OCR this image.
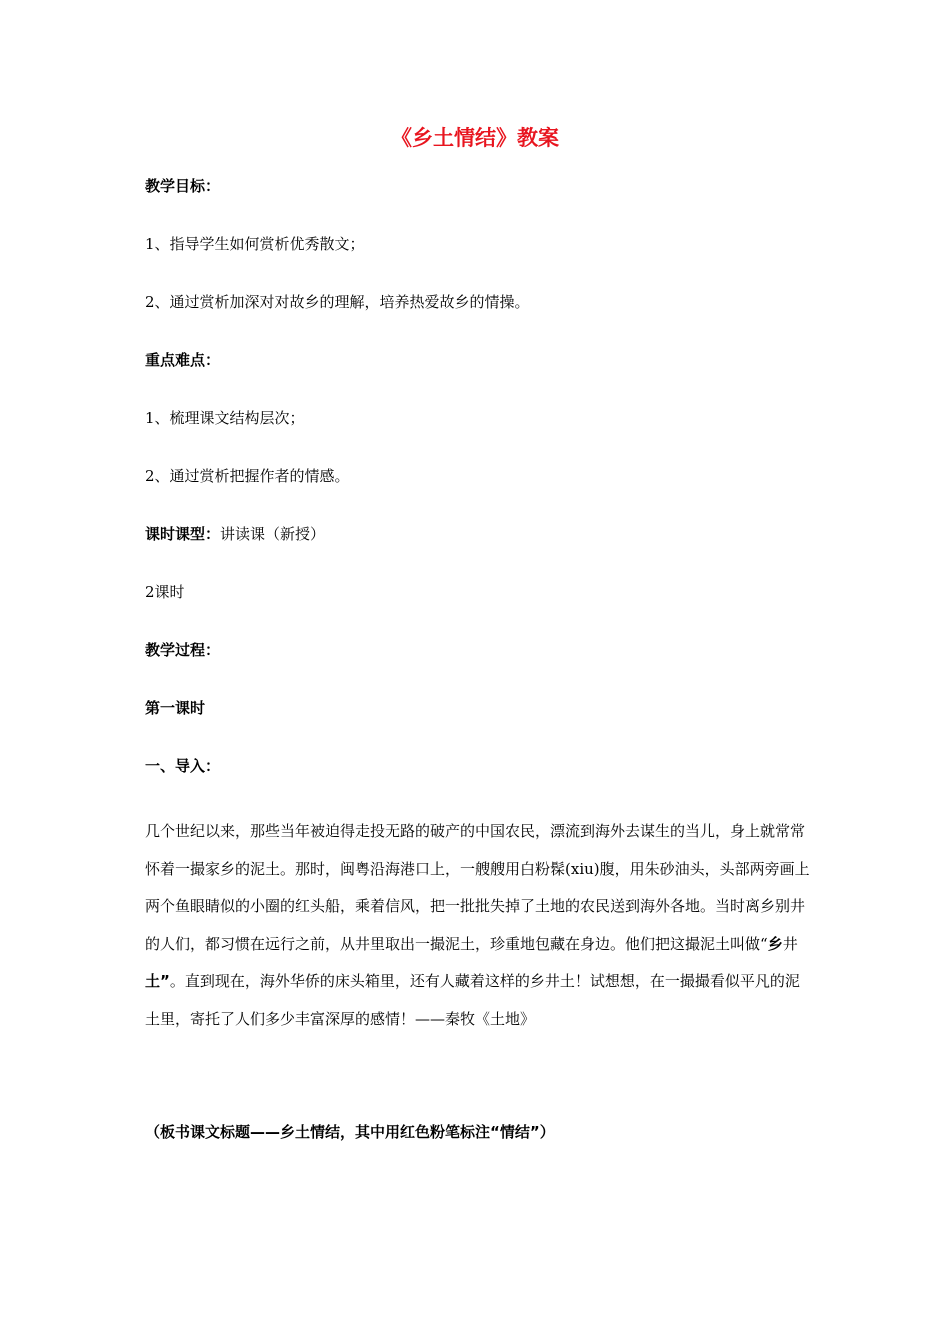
《乡土情结》教案

教学目标：

1、指导学生如何赏析优秀散文；

2、通过赏析加深对对故乡的理解，培养热爱故乡的情操。

重点难点：

1、梳理课文结构层次；

2、通过赏析把握作者的情感。

课时课型：讲读课（新授）

2课时

教学过程：

第一课时

一、导入：

几个世纪以来，那些当年被迫得走投无路的破产的中国农民，漂流到海外去谋生的当儿，身上就常常怀着一撮家乡的泥土。那时，闽粤沿海港口上，一艘艘用白粉髹(xiu)腹，用朱砂油头，头部两旁画上两个鱼眼睛似的小圈的红头船，乘着信风，把一批批失掉了土地的农民送到海外各地。当时离乡别井的人们，都习惯在远行之前，从井里取出一撮泥土，珍重地包藏在身边。他们把这撮泥土叫做“乡井土”。直到现在，海外华侨的床头箱里，还有人藏着这样的乡井土！试想想，在一撮撮看似平凡的泥土里，寄托了人们多少丰富深厚的感情！——秦牧《土地》

（板书课文标题——乡土情结，其中用红色粉笔标注“情结”）
